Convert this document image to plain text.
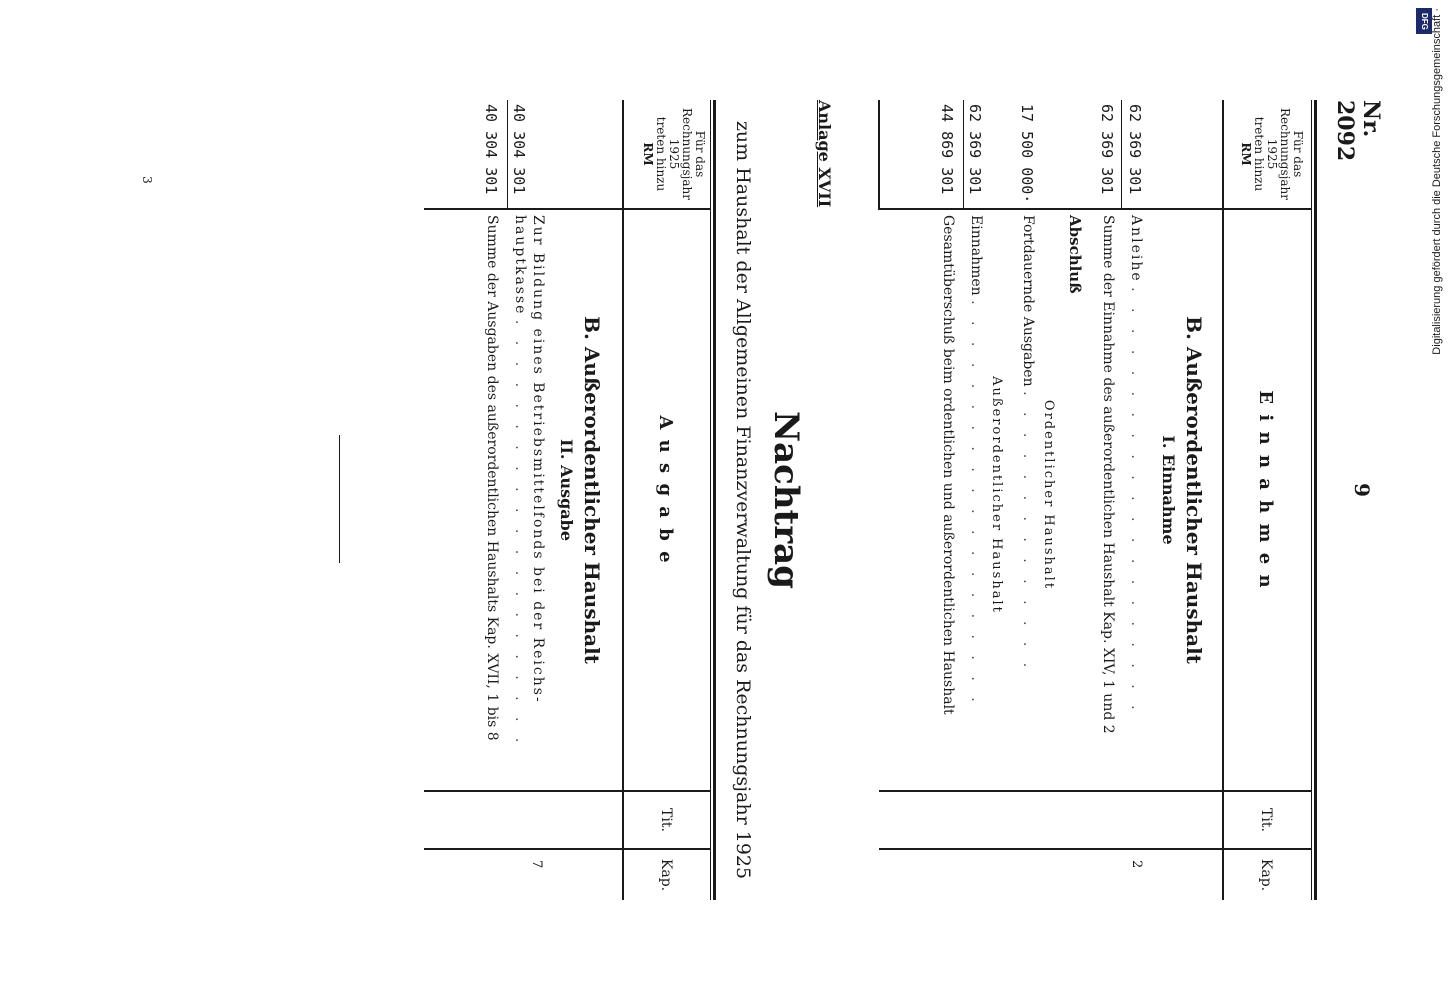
Nr. 2092
9
Für das
Rechnungsjahr
1925
treten hinzu
RM
E i n n a h m e n
Tit.
Kap.
B. Außerordentlicher Haushalt
I. Einnahme
2
Anleihe . . . . . . . . . . . . . . . . . . . . .
62 369 301
Summe der Einnahme des außerordentlichen Haushalt Kap. XIV, 1 und 2
62 369 301
Abschluß
Ordentlicher Haushalt
Fortdauernde Ausgaben . . . . . . . . . . . . . .
17 500 000·
Außerordentlicher Haushalt
Einnahmen . . . . . . . . . . . . . . . . . . . .
62 369 301
Gesamtüberschuß beim ordentlichen und außerordentlichen Haushalt
44 869 301
Anlage XVII
Nachtrag
zum Haushalt der Allgemeinen Finanzverwaltung für das Rechnungsjahr 1925
Für das
Rechnungsjahr
1925
treten hinzu
RM
A u s g a b e
Tit.
Kap.
B. Außerordentlicher Haushalt
II. Ausgabe
7
Zur Bildung eines Betriebsmittelfonds bei der Reichs-
hauptkasse . . . . . . . . . . . . . . . . . . . . .
40 304 301
Summe der Ausgaben des außerordentlichen Haushalts Kap. XVII, 1 bis 8
40 304 301
3
DFG Digitalisierung gefördert durch die Deutsche Forschungsgemeinschaft ·
